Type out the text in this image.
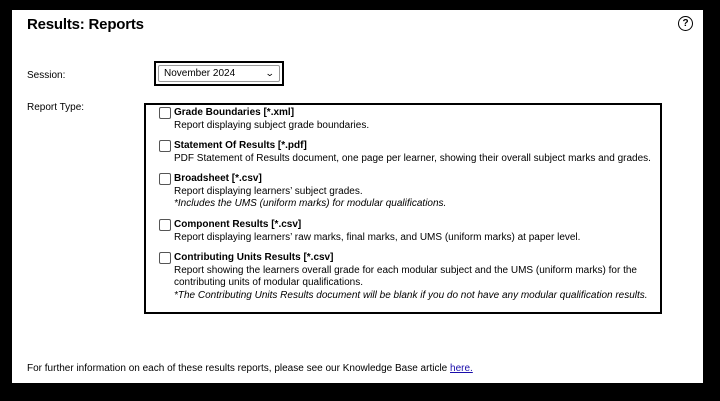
Results: Reports	?
Session:	November 2024	⌄
Report Type:	Grade Boundaries [*.xml]
Report displaying subject grade boundaries.
Statement Of Results [*.pdf]
PDF Statement of Results document, one page per learner, showing their overall subject marks and grades.
Broadsheet [*.csv]
Report displaying learners’ subject grades.
*Includes the UMS (uniform marks) for modular qualifications.
Component Results [*.csv]
Report displaying learners’ raw marks, final marks, and UMS (uniform marks) at paper level.
Contributing Units Results [*.csv]
Report showing the learners overall grade for each modular subject and the UMS (uniform marks) for the
contributing units of modular qualifications.
*The Contributing Units Results document will be blank if you do not have any modular qualification results.
For further information on each of these results reports, please see our Knowledge Base article here.
